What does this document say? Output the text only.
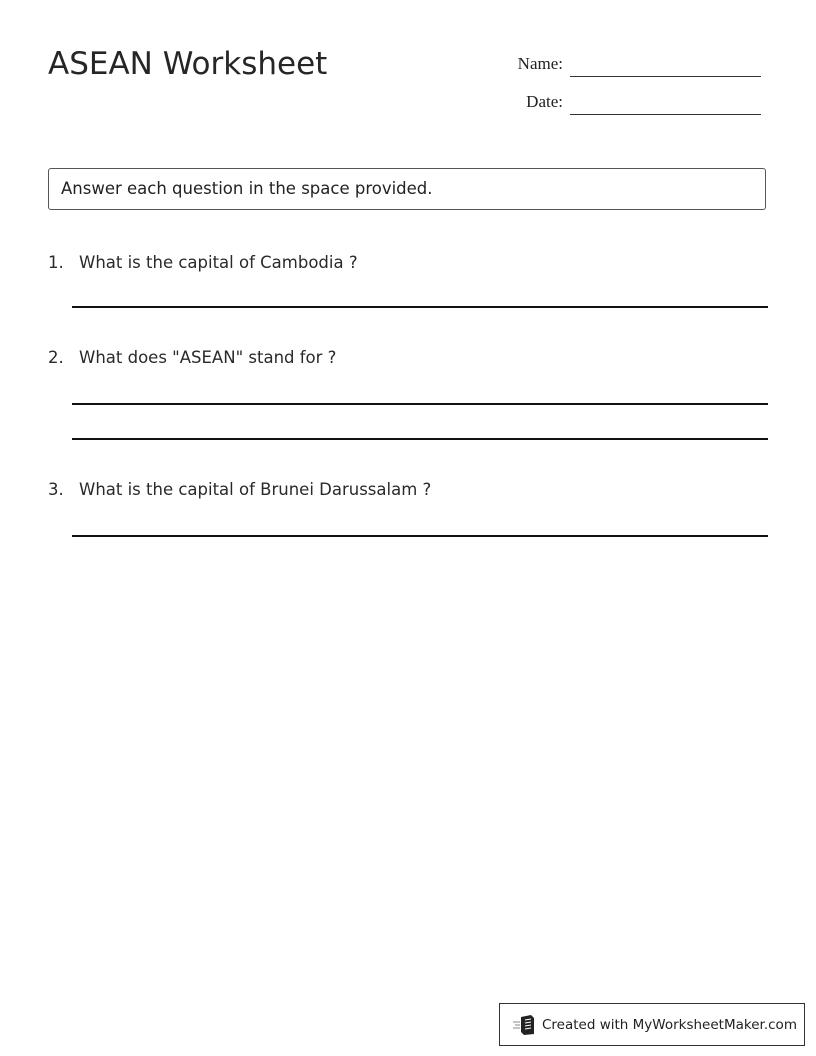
ASEAN Worksheet	Name:
Date:
Answer each question in the space provided.
1. What is the capital of Cambodia ?
2. What does "ASEAN" stand for ?
3. What is the capital of Brunei Darussalam ?
Created with MyWorksheetMaker.com
